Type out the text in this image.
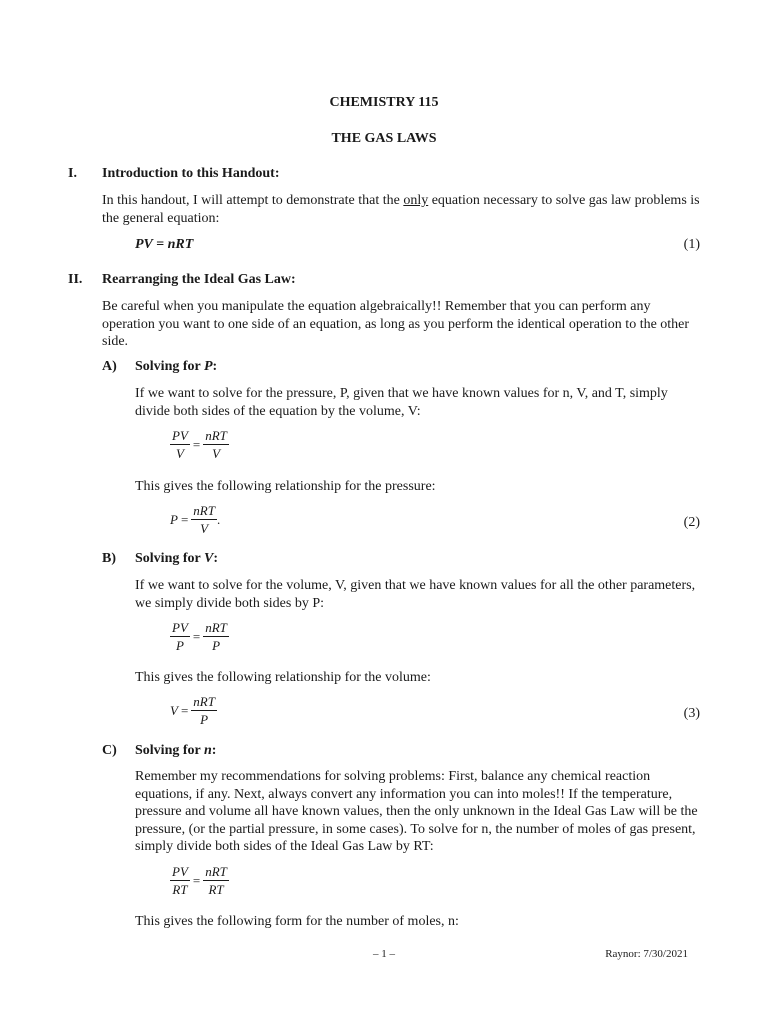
CHEMISTRY 115
THE GAS LAWS
I. Introduction to this Handout:
In this handout, I will attempt to demonstrate that the only equation necessary to solve gas law problems is the general equation:
PV = nRT	(1)
II. Rearranging the Ideal Gas Law:
Be careful when you manipulate the equation algebraically!! Remember that you can perform any operation you want to one side of an equation, as long as you perform the identical operation to the other side.
A) Solving for P:
If we want to solve for the pressure, P, given that we have known values for n, V, and T, simply divide both sides of the equation by the volume, V:
$\frac{PV}{V} = \frac{\text{nRT}}{V}$
This gives the following relationship for the pressure:
$P = \frac{\text{nRT}}{V}$ .	(2)
B) Solving for V:
If we want to solve for the volume, V, given that we have known values for all the other parameters, we simply divide both sides by P:
$\frac{PV}{P} = \frac{\text{nRT}}{P}$
This gives the following relationship for the volume:
$V = \frac{\text{nRT}}{P}$	(3)
C) Solving for n:
Remember my recommendations for solving problems: First, balance any chemical reaction equations, if any. Next, always convert any information you can into moles!! If the temperature, pressure and volume all have known values, then the only unknown in the Ideal Gas Law will be the pressure, (or the partial pressure, in some cases). To solve for n, the number of moles of gas present, simply divide both sides of the Ideal Gas Law by RT:
$\frac{PV}{RT} = \frac{\text{nRT}}{RT}$
This gives the following form for the number of moles, n:
– 1 –	Raynor: 7/30/2021
